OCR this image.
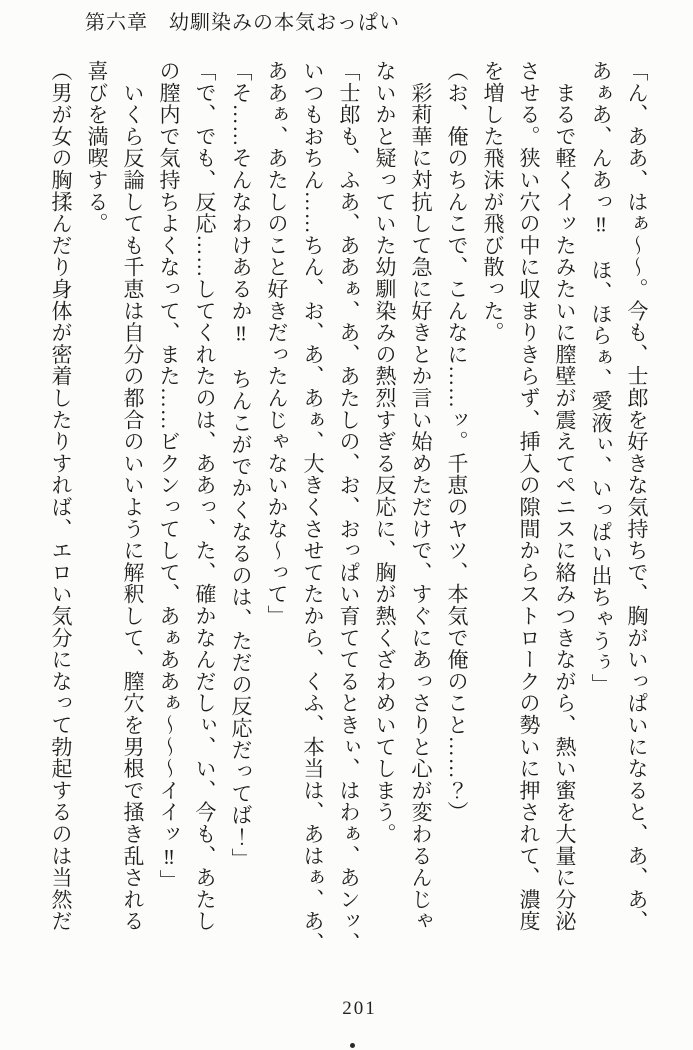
第六章　幼馴染みの本気おっぱい

「ん、ああ、はぁ～～。今も、士郎を好きな気持ちで、胸がいっぱいになると、あ、あ、

あぁあ、んあっ‼　ほ、ほらぁ、愛液ぃ、いっぱい出ちゃうぅ」

　まるで軽くイッたみたいに膣壁が震えてペニスに絡みつきながら、熱い蜜を大量に分泌

させる。狭い穴の中に収まりきらず、挿入の隙間からストロークの勢いに押されて、濃度

を増した飛沫が飛び散った。

（お、俺のちんこで、こんなに……ッ。千恵のヤツ、本気で俺のこと……？）

　彩莉華に対抗して急に好きとか言い始めただけで、すぐにあっさりと心が変わるんじゃ

ないかと疑っていた幼馴染みの熱烈すぎる反応に、胸が熱くざわめいてしまう。

「士郎も、ふあ、ああぁ、あ、あたしの、お、おっぱい育ててるときぃ、はわぁ、あンッ、

いつもおちん……ちん、お、あ、あぁ、大きくさせてたから、くふ、本当は、あはぁ、あ、

ああぁ、あたしのこと好きだったんじゃないかな～って」

「そ……そんなわけあるか‼　ちんこがでかくなるのは、ただの反応だってば！」

「で、でも、反応……してくれたのは、ああっ、た、確かなんだしぃ、い、今も、あたし

の膣内で気持ちよくなって、また……ビクンってして、あぁああぁ～～～イイッ‼」

　いくら反論しても千恵は自分の都合のいいように解釈して、膣穴を男根で掻き乱される

喜びを満喫する。

（男が女の胸揉んだり身体が密着したりすれば、エロい気分になって勃起するのは当然だ

201
